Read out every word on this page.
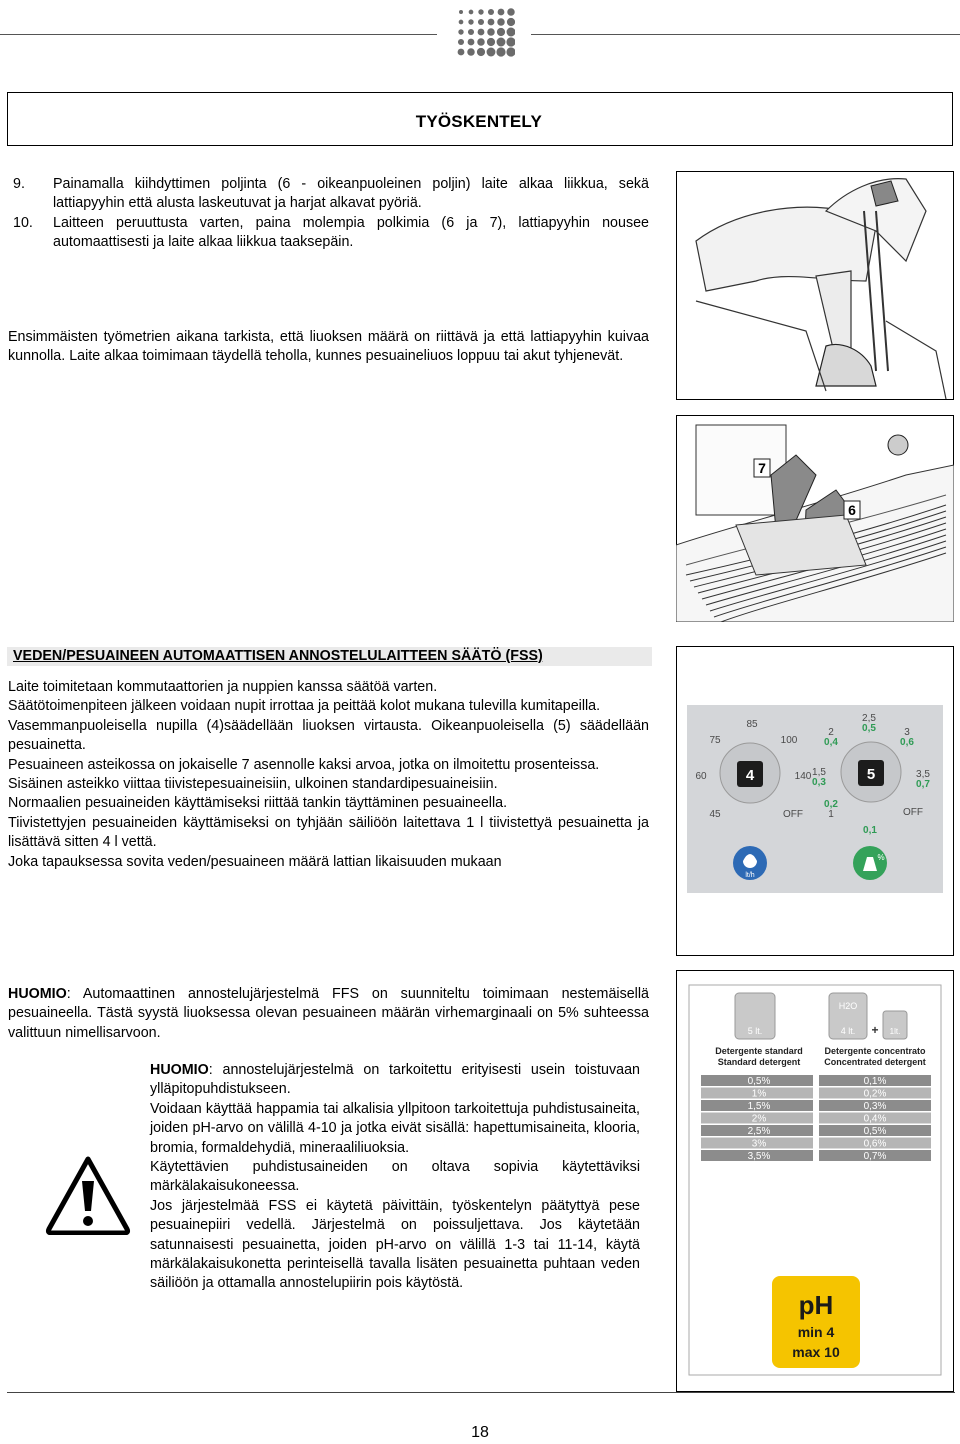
TYÖSKENTELY
9.	Painamalla kiihdyttimen poljinta (6 - oikeanpuoleinen poljin) laite alkaa liikkua, sekä lattiapyyhin että alusta laskeutuvat ja harjat alkavat pyöriä.
10.	Laitteen peruuttusta varten, paina molempia polkimia (6 ja 7), lattiapyyhin nousee automaattisesti ja laite alkaa liikkua taaksepäin.
Ensimmäisten työmetrien aikana tarkista, että liuoksen määrä on riittävä ja että lattiapyyhin kuivaa kunnolla. Laite alkaa toimimaan täydellä teholla, kunnes pesuaineliuos loppuu tai akut tyhjenevät.
7
6
VEDEN/PESUAINEEN AUTOMAATTISEN ANNOSTELULAITTEEN SÄÄTÖ (FSS)
Laite toimitetaan kommutaattorien ja nuppien kanssa säätöä varten.
Säätötoimenpiteen jälkeen voidaan nupit irrottaa ja peittää kolot mukana tulevilla kumitapeilla.
Vasemmanpuoleisella nupilla (4)säädellään liuoksen virtausta. Oikeanpuoleisella (5) säädellään pesuainetta.
Pesuaineen asteikossa on jokaiselle 7 asennolle kaksi arvoa, jotka on ilmoitettu prosenteissa.
Sisäinen asteikko viittaa tiivistepesuaineisiin, ulkoinen standardipesuaineisiin.
Normaalien pesuaineiden käyttämiseksi riittää tankin täyttäminen pesuaineella.
Tiivistettyjen pesuaineiden käyttämiseksi on tyhjään säiliöön laitettava 1 l tiivistettyä pesuainetta ja lisättävä sitten 4 l vettä.
Joka tapauksessa sovita veden/pesuaineen määrä lattian likaisuuden mukaan
75
85
100
60	140
45	OFF
2
2,5
3
1,5	3,5
1	OFF
0,4
0,5
0,6
0,3	0,7
0,2
0,1
4	5
lt/h
%
HUOMIO: Automaattinen annostelujärjestelmä FFS on suunniteltu toimimaan nestemäisellä pesuaineella. Tästä syystä liuoksessa olevan pesuaineen määrän virhemarginaali on 5% suhteessa valittuun nimellisarvoon.
HUOMIO: annostelujärjestelmä on tarkoitettu erityisesti usein toistuvaan ylläpitopuhdistukseen.
Voidaan käyttää happamia tai alkalisia yllpitoon tarkoitettuja puhdistusaineita, joiden pH-arvo on välillä 4-10 ja jotka eivät sisällä: hapettumisaineita, klooria, bromia, formaldehydiä, mineraaliliuoksia.
Käytettävien puhdistusaineiden on oltava sopivia käytettäviksi märkälakaisukoneessa.
Jos järjestelmää FSS ei käytetä päivittäin, työskentelyn päätyttyä pese pesuainepiiri vedellä. Järjestelmä on poissuljettava. Jos käytetään satunnaisesti pesuainetta, joiden pH-arvo on välillä 1-3 tai 11-14, käytä märkälakaisukonetta perinteisellä tavalla lisäten pesuainetta puhtaan veden säiliöön ja ottamalla annostelupiirin pois käytöstä.
5 lt.
H2O
4 lt. + 1lt.
Detergente standard Standard detergent
Detergente concentrato Concentrated detergent
0,5%	0,1%
1%	0,2%
1,5%	0,3%
2%	0,4%
2,5%	0,5%
3%	0,6%
3,5%	0,7%
pH
min 4
max 10
18
